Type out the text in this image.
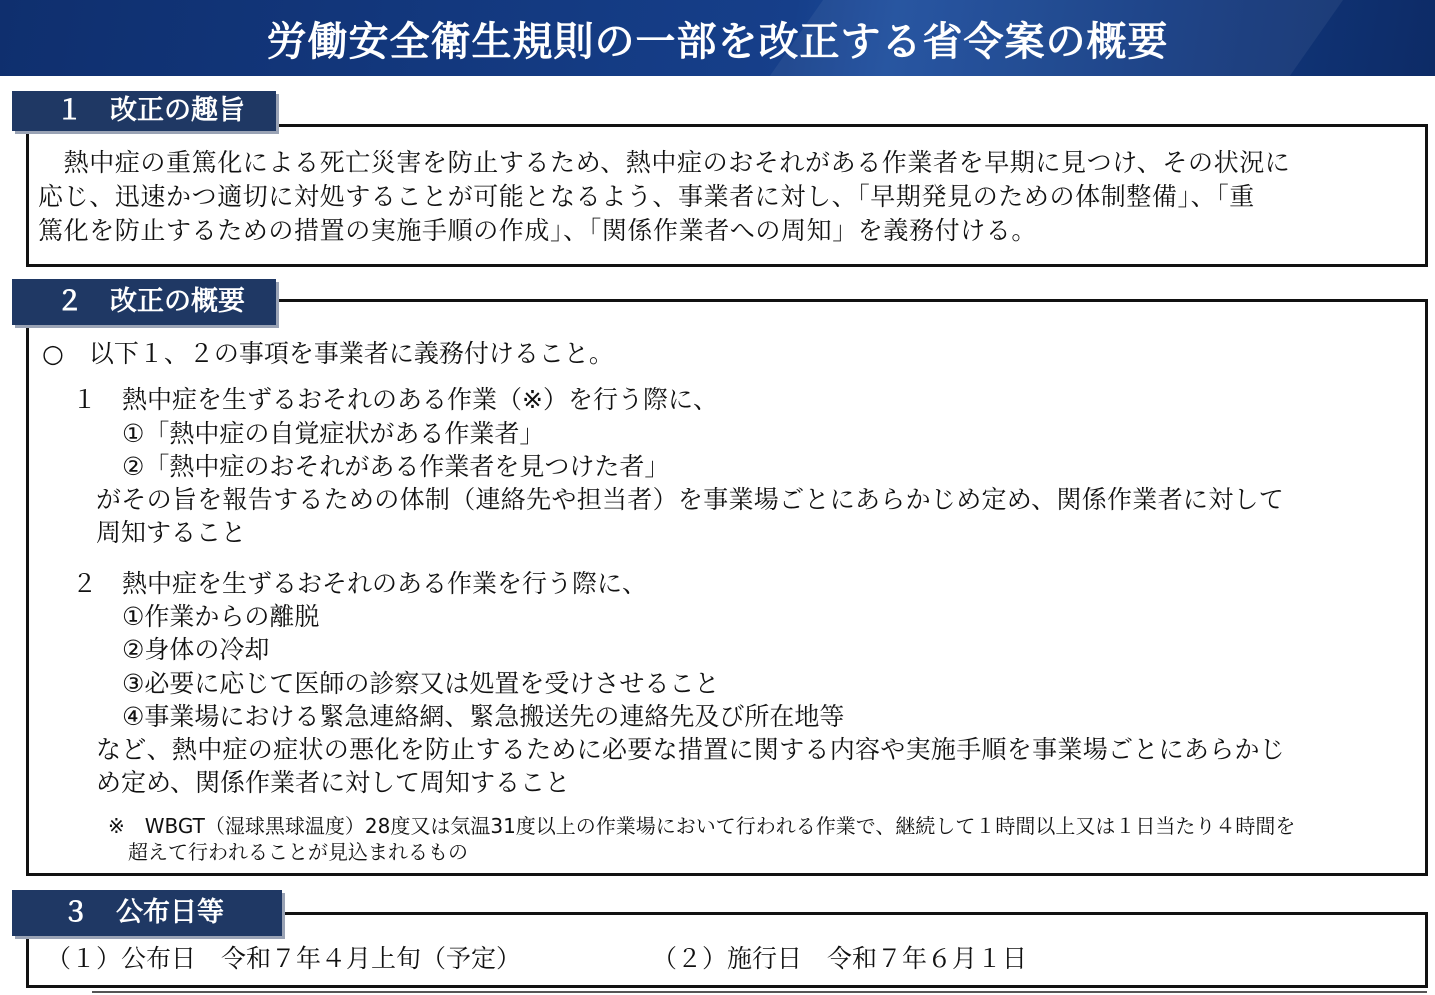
労働安全衛生規則の一部を改正する省令案の概要
１　改正の趣旨
　熱中症の重篤化による死亡災害を防止するため、熱中症のおそれがある作業者を早期に見つけ、その状況に
応じ、迅速かつ適切に対処することが可能となるよう、事業者に対し、「早期発見のための体制整備」、「重
篤化を防止するための措置の実施手順の作成」、「関係作業者への周知」を義務付ける。
２　改正の概要
○　以下１、２の事項を事業者に義務付けること。
１　熱中症を生ずるおそれのある作業（※）を行う際に、
①「熱中症の自覚症状がある作業者」
②「熱中症のおそれがある作業者を見つけた者」
がその旨を報告するための体制（連絡先や担当者）を事業場ごとにあらかじめ定め、関係作業者に対して
周知すること
２　熱中症を生ずるおそれのある作業を行う際に、
①作業からの離脱
②身体の冷却
③必要に応じて医師の診察又は処置を受けさせること
④事業場における緊急連絡網、緊急搬送先の連絡先及び所在地等
など、熱中症の症状の悪化を防止するために必要な措置に関する内容や実施手順を事業場ごとにあらかじ
め定め、関係作業者に対して周知すること
※　WBGT（湿球黒球温度）28度又は気温31度以上の作業場において行われる作業で、継続して１時間以上又は１日当たり４時間を
超えて行われることが見込まれるもの
３　公布日等
（１）公布日　令和７年４月上旬（予定）	（２）施行日　令和７年６月１日
